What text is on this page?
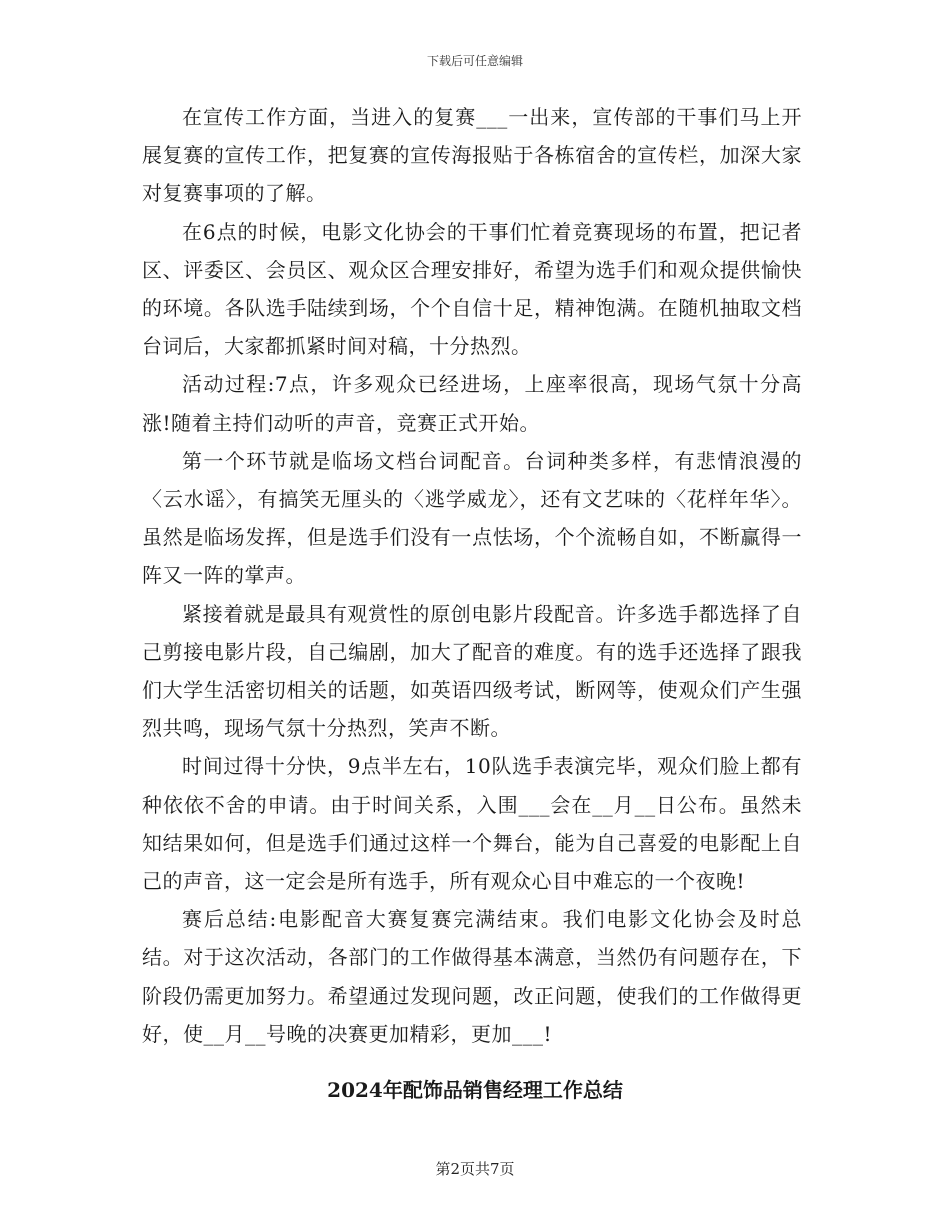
下载后可任意编辑

在宣传工作方面，当进入的复赛___一出来，宣传部的干事们马上开展复赛的宣传工作，把复赛的宣传海报贴于各栋宿舍的宣传栏，加深大家对复赛事项的了解。

在6点的时候，电影文化协会的干事们忙着竞赛现场的布置，把记者区、评委区、会员区、观众区合理安排好，希望为选手们和观众提供愉快的环境。各队选手陆续到场，个个自信十足，精神饱满。在随机抽取文档台词后，大家都抓紧时间对稿，十分热烈。

活动过程:7点，许多观众已经进场，上座率很高，现场气氛十分高涨!随着主持们动听的声音，竞赛正式开始。

第一个环节就是临场文档台词配音。台词种类多样，有悲情浪漫的〈云水谣〉，有搞笑无厘头的〈逃学威龙〉，还有文艺味的〈花样年华〉。虽然是临场发挥，但是选手们没有一点怯场，个个流畅自如，不断赢得一阵又一阵的掌声。

紧接着就是最具有观赏性的原创电影片段配音。许多选手都选择了自己剪接电影片段，自己编剧，加大了配音的难度。有的选手还选择了跟我们大学生活密切相关的话题，如英语四级考试，断网等，使观众们产生强烈共鸣，现场气氛十分热烈，笑声不断。

时间过得十分快，9点半左右，10队选手表演完毕，观众们脸上都有种依依不舍的申请。由于时间关系，入围___会在__月__日公布。虽然未知结果如何，但是选手们通过这样一个舞台，能为自己喜爱的电影配上自己的声音，这一定会是所有选手，所有观众心目中难忘的一个夜晚!

赛后总结:电影配音大赛复赛完满结束。我们电影文化协会及时总结。对于这次活动，各部门的工作做得基本满意，当然仍有问题存在，下阶段仍需更加努力。希望通过发现问题，改正问题，使我们的工作做得更好，使__月__号晚的决赛更加精彩，更加___!

2024年配饰品销售经理工作总结
第2页共7页
